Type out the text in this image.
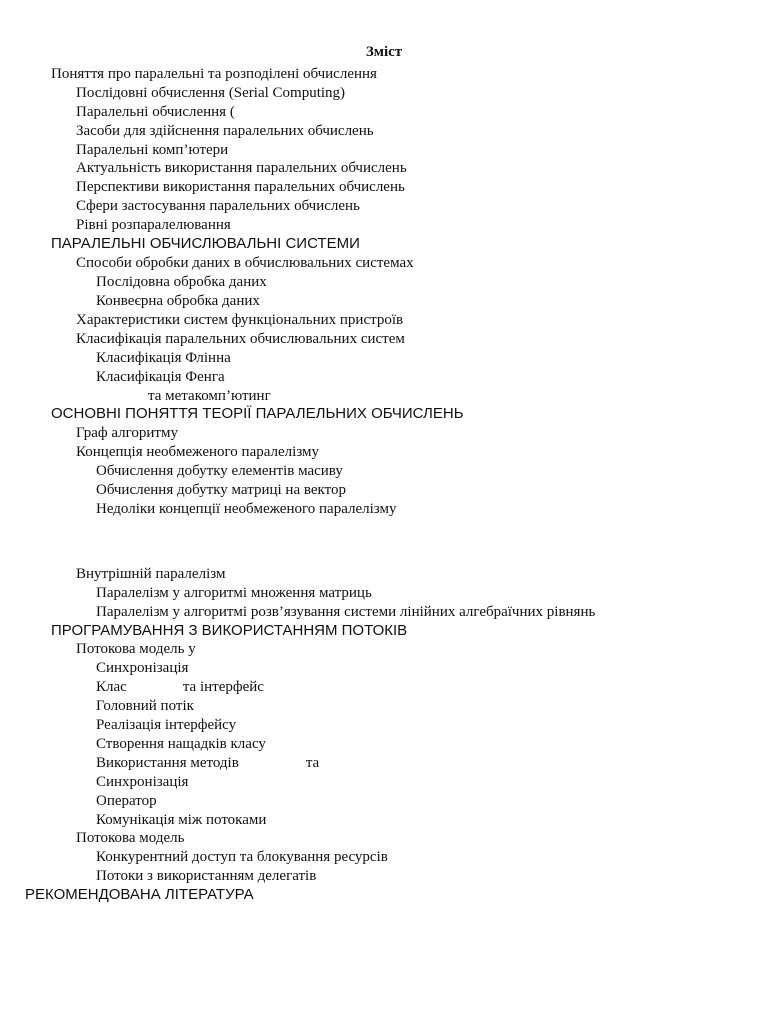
Зміст
Поняття про паралельні та розподілені обчислення
Послідовні обчислення (Serial Computing)
Паралельні обчислення (
Засоби для здійснення паралельних обчислень
Паралельні комп’ютери
Актуальність використання паралельних обчислень
Перспективи використання паралельних обчислень
Сфери застосування паралельних обчислень
Рівні розпаралелювання
ПАРАЛЕЛЬНІ ОБЧИСЛЮВАЛЬНІ СИСТЕМИ
Способи обробки даних в обчислювальних системах
Послідовна обробка даних
Конвеєрна обробка даних
Характеристики систем функціональних пристроїв
Класифікація паралельних обчислювальних систем
Класифікація Флінна
Класифікація Фенга
та метакомп’ютинг
ОСНОВНІ ПОНЯТТЯ ТЕОРІЇ ПАРАЛЕЛЬНИХ ОБЧИСЛЕНЬ
Граф алгоритму
Концепція необмеженого паралелізму
Обчислення добутку елементів масиву
Обчислення добутку матриці на вектор
Недоліки концепції необмеженого паралелізму
Внутрішній паралелізм
Паралелізм у алгоритмі множення матриць
Паралелізм у алгоритмі розв’язування системи лінійних алгебраїчних рівнянь
ПРОГРАМУВАННЯ З ВИКОРИСТАННЯМ ПОТОКІВ
Потокова модель у
Синхронізація
Клас	та інтерфейс
Головний потік
Реалізація інтерфейсу
Створення нащадків класу
Використання методів	та
Синхронізація
Оператор
Комунікація між потоками
Потокова модель
Конкурентний доступ та блокування ресурсів
Потоки з використанням делегатів
РЕКОМЕНДОВАНА ЛІТЕРАТУРА
